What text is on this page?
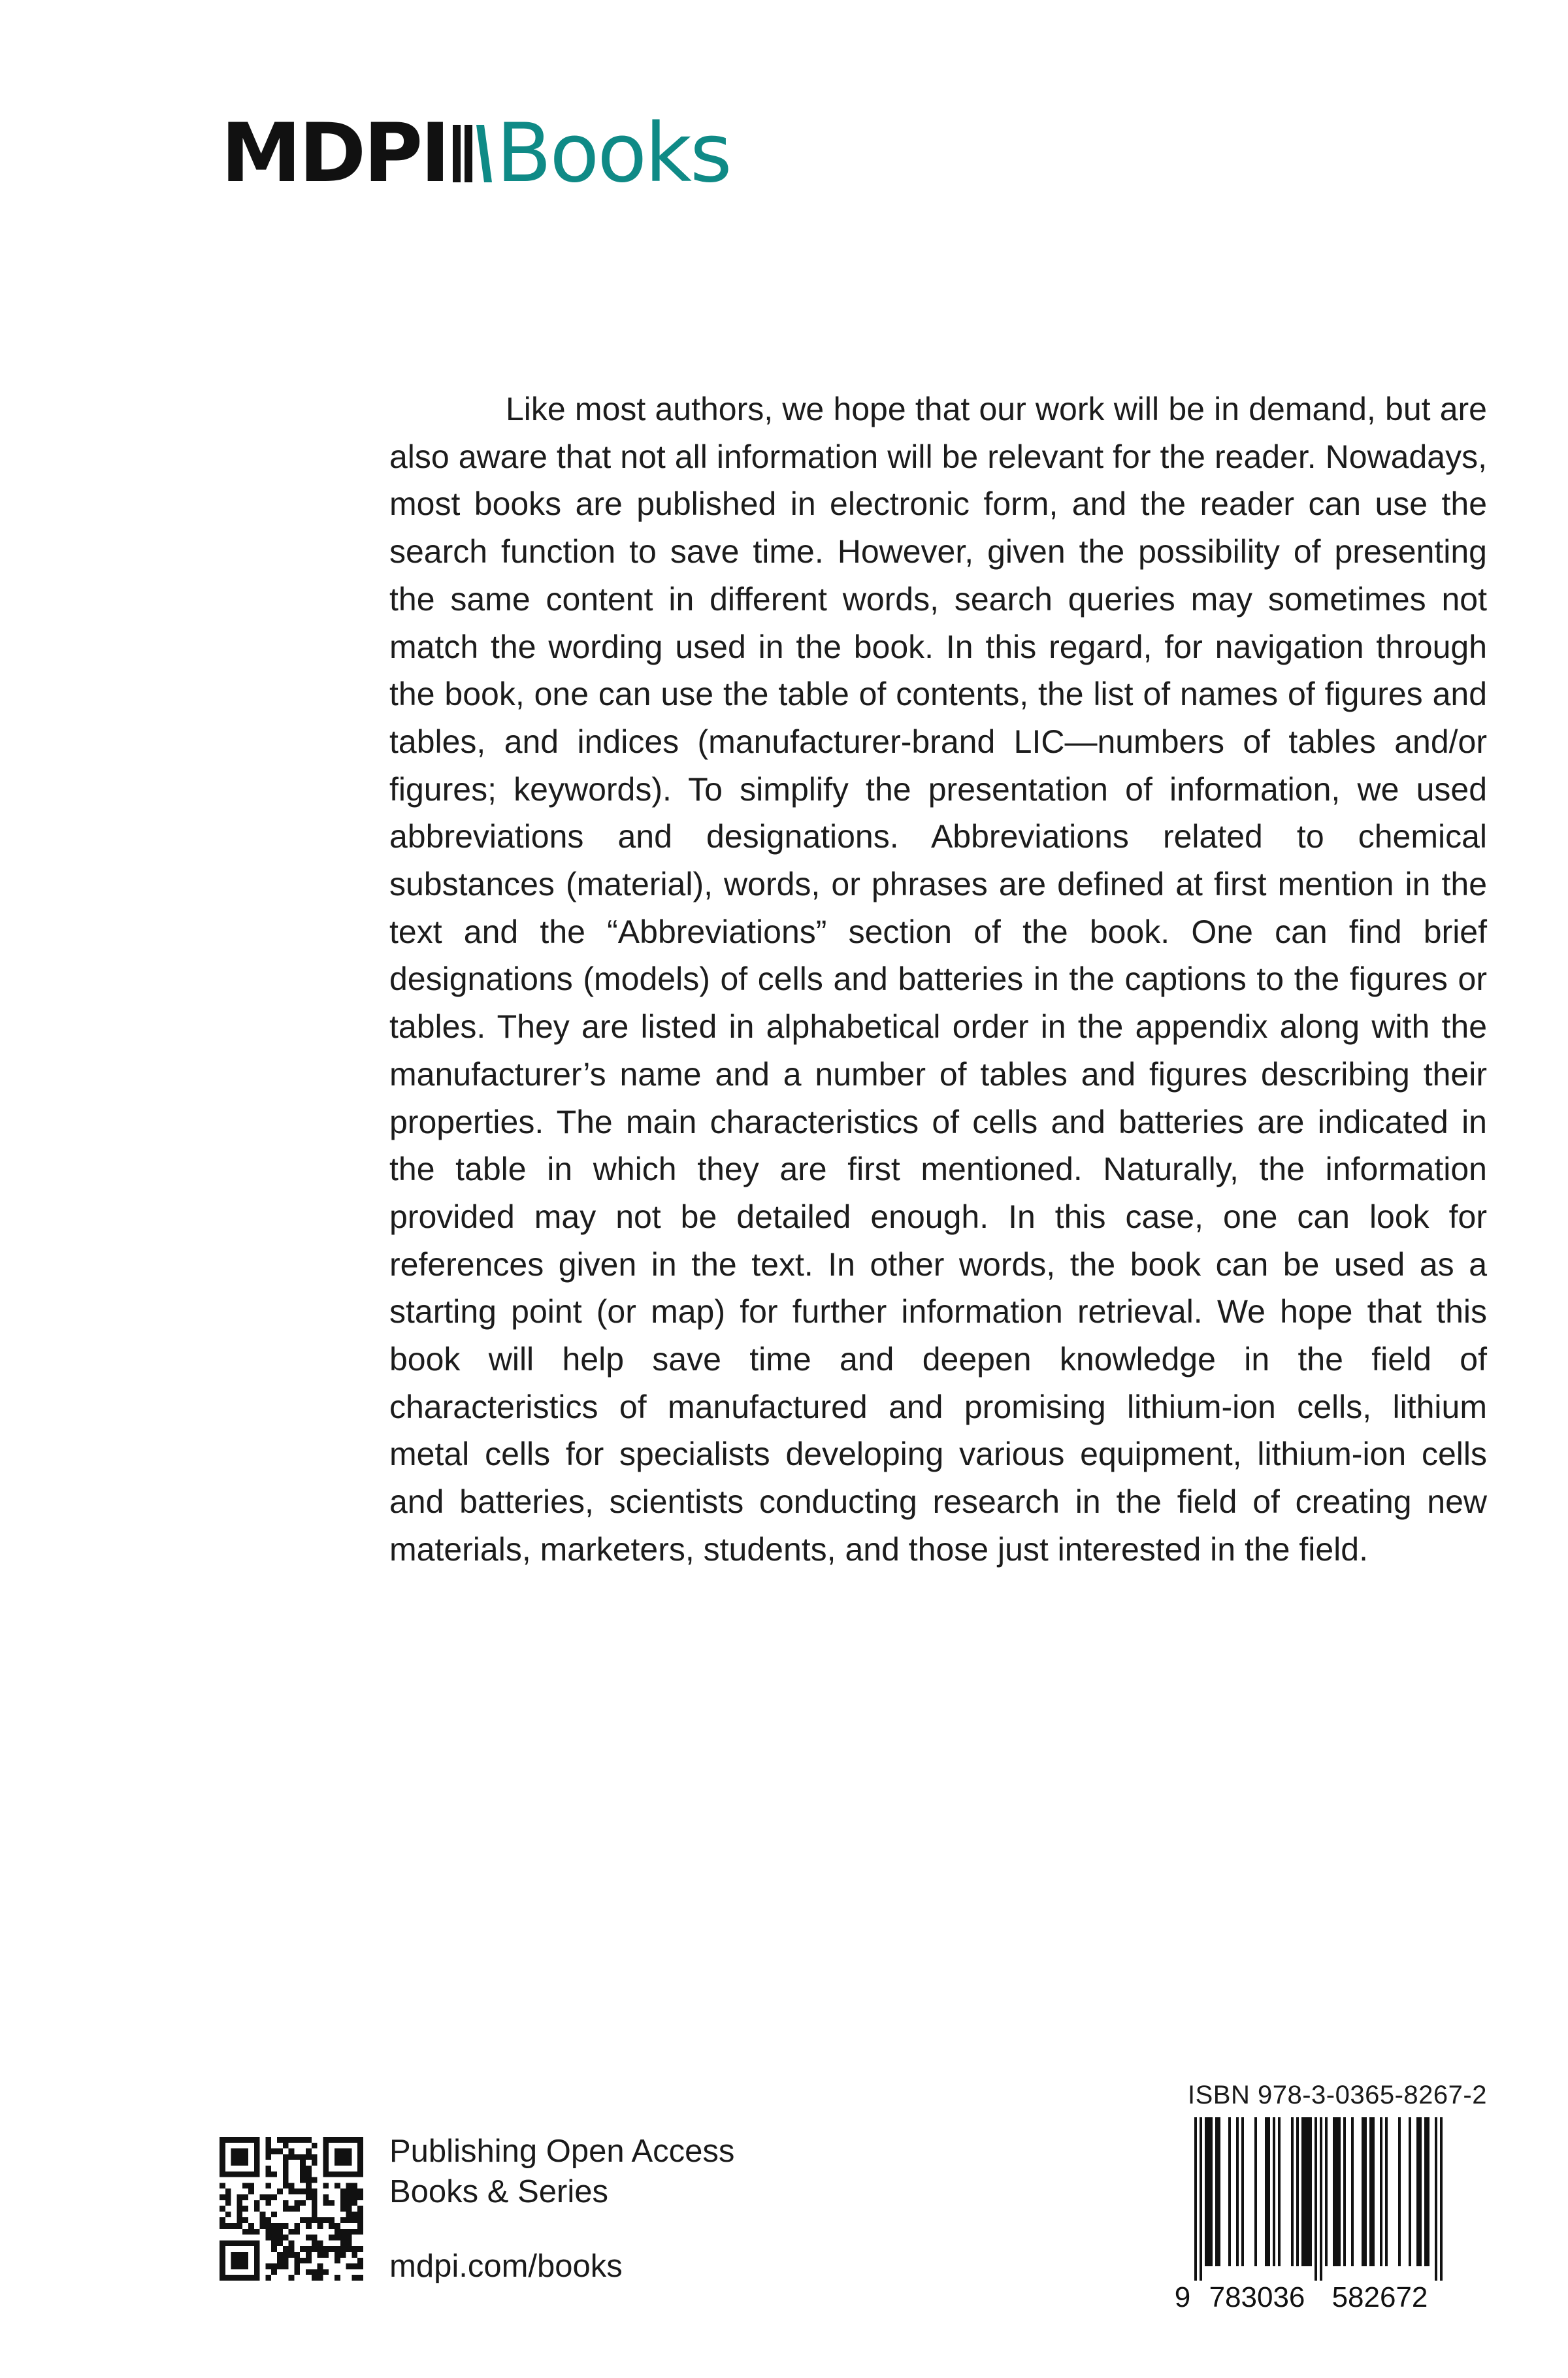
MDPI Books

Like most authors, we hope that our work will be in demand, but are also aware that not all information will be relevant for the reader. Nowadays, most books are published in electronic form, and the reader can use the search function to save time. However, given the possibility of presenting the same content in different words, search queries may sometimes not match the wording used in the book. In this regard, for navigation through the book, one can use the table of contents, the list of names of figures and tables, and indices (manufacturer-brand LIC—numbers of tables and/or figures; keywords). To simplify the presentation of information, we used abbreviations and designations. Abbreviations related to chemical substances (material), words, or phrases are defined at first mention in the text and the “Abbreviations” section of the book. One can find brief designations (models) of cells and batteries in the captions to the figures or tables. They are listed in alphabetical order in the appendix along with the manufacturer’s name and a number of tables and figures describing their properties. The main characteristics of cells and batteries are indicated in the table in which they are first mentioned. Naturally, the information provided may not be detailed enough. In this case, one can look for references given in the text. In other words, the book can be used as a starting point (or map) for further information retrieval. We hope that this book will help save time and deepen knowledge in the field of characteristics of manufactured and promising lithium-ion cells, lithium metal cells for specialists developing various equipment, lithium-ion cells and batteries, scientists conducting research in the field of creating new materials, marketers, students, and those just interested in the field.

Publishing Open Access
Books & Series
mdpi.com/books
ISBN 978-3-0365-8267-2
9 783036 582672
